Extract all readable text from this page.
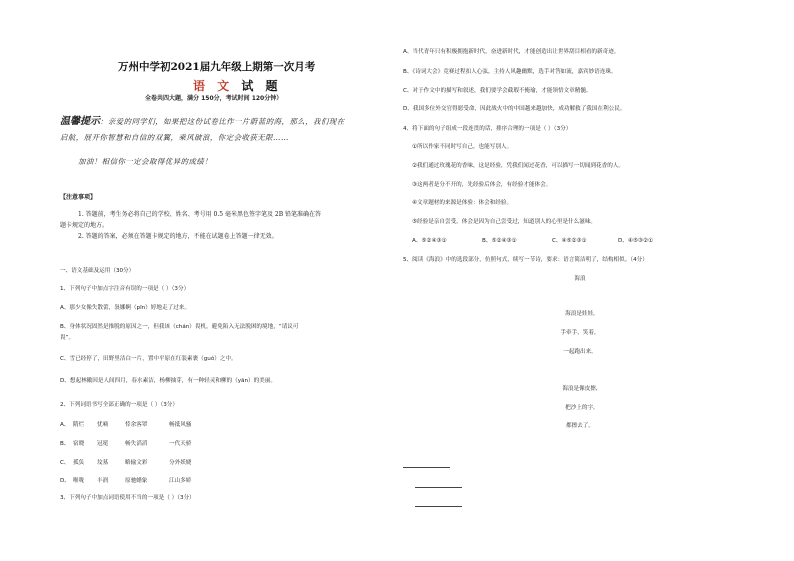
万州中学初2021届九年级上期第一次月考
语 文 试 题
全卷共四大题，满分 150分，考试时间 120分钟）
温馨提示：亲爱的同学们，如果把这份试卷比作一片蔚蓝的海，那么，我们现在
启航，展开你智慧和自信的双翼，乘风破浪，你定会收获无限……
加油！相信你一定会取得优异的成绩！
【注意事项】
1. 答题前，考生务必将自己的学校、姓名、考号用 0.5 毫米黑色签字笔及 2B 铅笔准确在答
题卡规定的地方。
2. 答题的答案，必须在答题卡规定的地方，不能在试题卷上答题一律无效。
一、语文基础及运用（30分）
1、下列句子中加点字注音有误的一项是（ ）（3分）
A、那少女像失散蕾，袅娜婀（pīn）婷地走了过来。
B、身体状况固然是推脱的原因之一，但我该（chán）畏机，避免陷入无法脱困的境地，“请议可
畏”。
C、雪已经停了，田野里洁白一片，置中平原在红装素裹（guǒ）之中。
D、想起林徽因是人间四月，春水素洁，杨柳抽芽，有一种轻灵和柳的（yān）的美丽。
2、下列词语书写全部正确的一项是（ ）（3分）
A、 隋烂 忧嘀	悻余客罩	畅抵风骚
B、 宿晓 冠冕	畅失滔滔	一代天骄
C、 孤负 坟墓	略输文彩	分外妖娆
D、 喉咙 丰润	原驰蜡象	江山多娇
3、下列句子中加点词语使用不当的一项是（ ）（3分）
A、当代青年只有积极拥抱新时代，奋进新时代，才能创造出让世界刮目相看的新奇迹。
B、《诗词大会》竞赛过程扣人心弦，主持人风趣幽默，选手对答如流，嘉宾妙语连珠。
C、对于作文中的描写和叙述，我们要学会截瑕不掩瑜，才能领悟文章精髓。
D、我国多位外交官得愿受命，因此战火中的中国越来越加快，成功解救了我国在利公民。
4、将下面的句子组成一段连贯的话，排序合理的一项是（ ）（3分）
①所以作家不同时写自己，也能写别人。
②我们通过玫瑰花的香味，这是经验，凭我们闻过花香，可以描写一切闻到花香的人。
③这两者是分不开的，先经验后体会，有经验才能体会。
④文章题材的来源是体验：体会和经验。
⑤经验是亲自尝受，体会是因为自己尝受过，知道别人的心里是什么滋味。
A、⑤②④③①	B、⑤②④③①	C、④⑤②③①	D、④⑤③②①
5、阅读《海浪》中的选段部分，仿照句式，续写一节诗，要求：语言简洁明了，结构相似。（4分）
海浪
海浪是娃娃,
手牵手，笑着，
一起跑出来。
海浪是像皮擦,
把沙上的字,
都擦去了。
